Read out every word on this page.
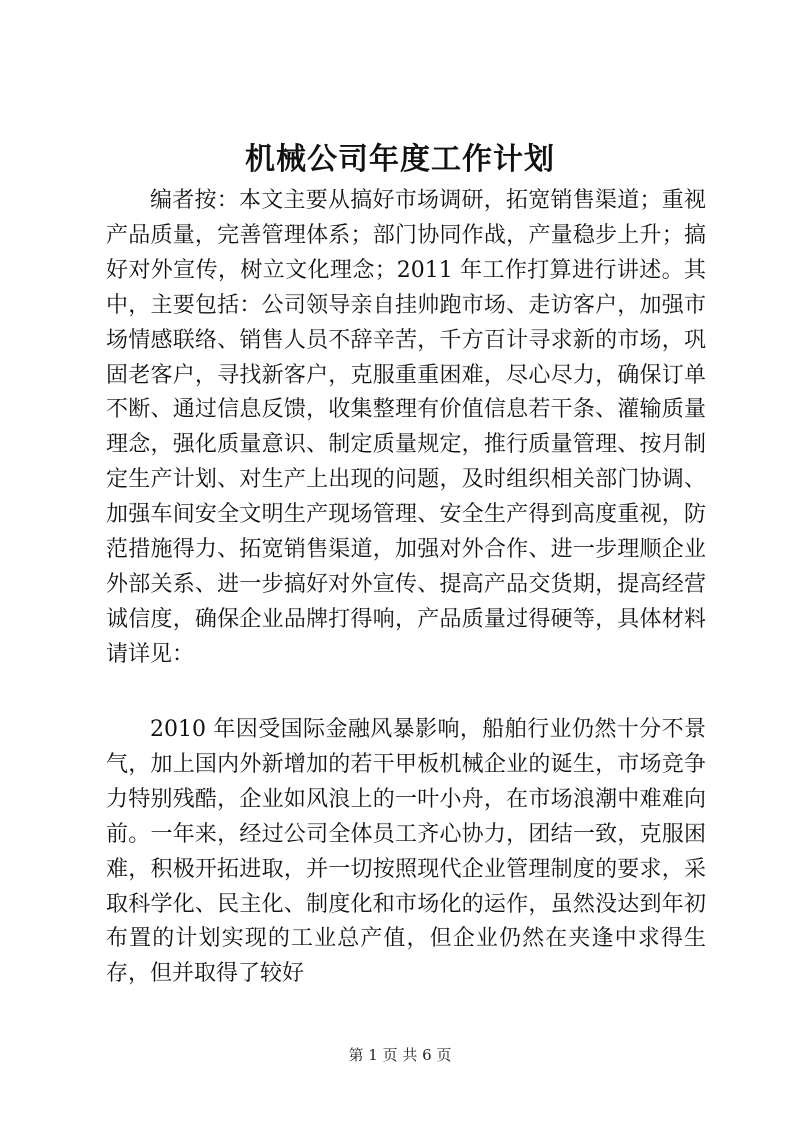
机械公司年度工作计划

编者按：本文主要从搞好市场调研，拓宽销售渠道；重视产品质量，完善管理体系；部门协同作战，产量稳步上升；搞好对外宣传，树立文化理念；2011 年工作打算进行讲述。其中，主要包括：公司领导亲自挂帅跑市场、走访客户，加强市场情感联络、销售人员不辞辛苦，千方百计寻求新的市场，巩固老客户，寻找新客户，克服重重困难，尽心尽力，确保订单不断、通过信息反馈，收集整理有价值信息若干条、灌输质量理念，强化质量意识、制定质量规定，推行质量管理、按月制定生产计划、对生产上出现的问题，及时组织相关部门协调、加强车间安全文明生产现场管理、安全生产得到高度重视，防范措施得力、拓宽销售渠道，加强对外合作、进一步理顺企业外部关系、进一步搞好对外宣传、提高产品交货期，提高经营诚信度，确保企业品牌打得响，产品质量过得硬等，具体材料请详见：

2010 年因受国际金融风暴影响，船舶行业仍然十分不景气，加上国内外新增加的若干甲板机械企业的诞生，市场竞争力特别残酷，企业如风浪上的一叶小舟，在市场浪潮中难难向前。一年来，经过公司全体员工齐心协力，团结一致，克服困难，积极开拓进取，并一切按照现代企业管理制度的要求，采取科学化、民主化、制度化和市场化的运作，虽然没达到年初布置的计划实现的工业总产值，但企业仍然在夹逢中求得生存，但并取得了较好

第 1 页 共 6 页
